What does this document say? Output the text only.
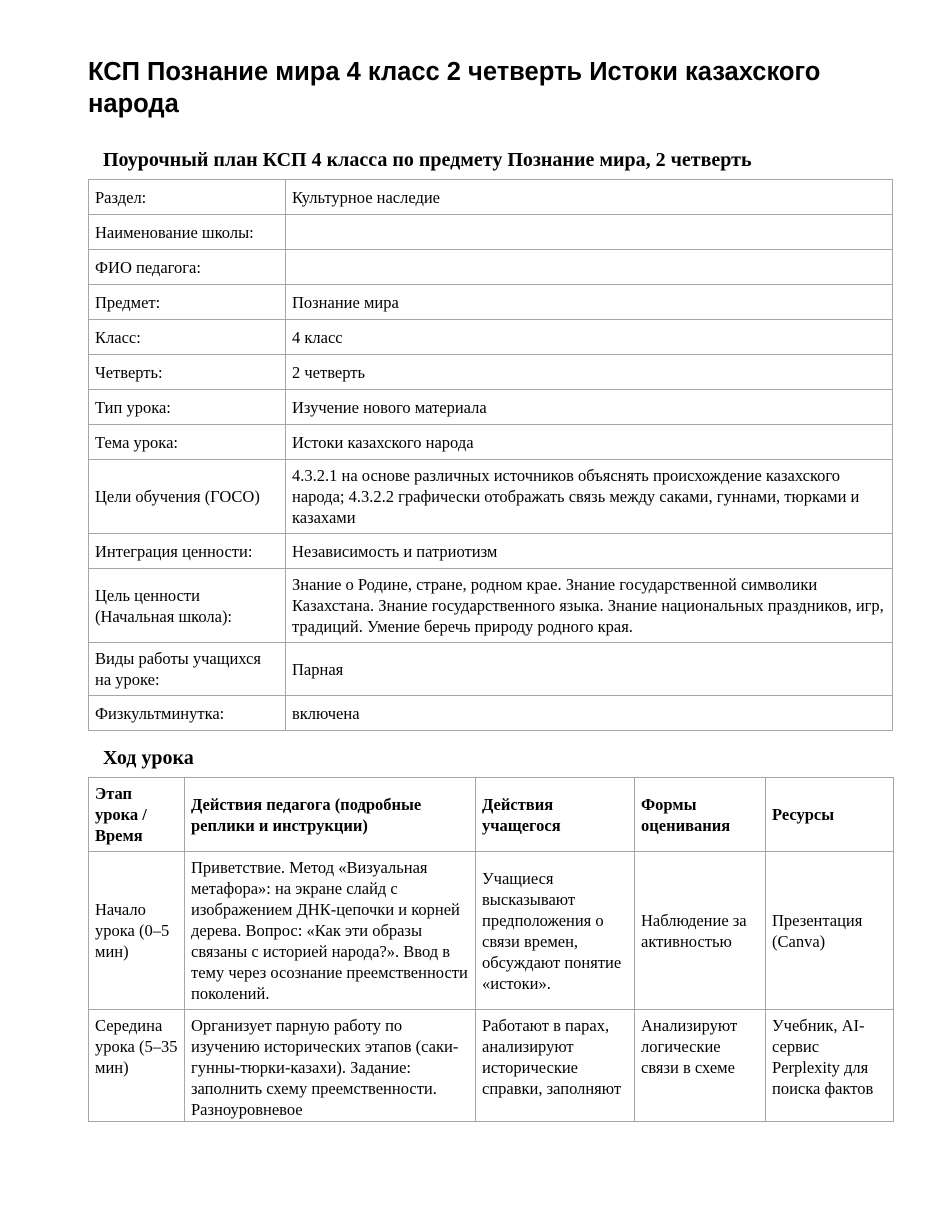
КСП Познание мира 4 класс 2 четверть Истоки казахского народа
Поурочный план КСП 4 класса по предмету Познание мира, 2 четверть
Раздел:	Культурное наследие
Наименование школы:	
ФИО педагога:	
Предмет:	Познание мира
Класс:	4 класс
Четверть:	2 четверть
Тип урока:	Изучение нового материала
Тема урока:	Истоки казахского народа
Цели обучения (ГОСО)	4.3.2.1 на основе различных источников объяснять происхождение казахского народа; 4.3.2.2 графически отображать связь между саками, гуннами, тюрками и казахами
Интеграция ценности:	Независимость и патриотизм
Цель ценности (Начальная школа):	Знание о Родине, стране, родном крае. Знание государственной символики Казахстана. Знание государственного языка. Знание национальных праздников, игр, традиций. Умение беречь природу родного края.
Виды работы учащихся на уроке:	Парная
Физкультминутка:	включена
Ход урока
Этап урока / Время	Действия педагога (подробные реплики и инструкции)	Действия учащегося	Формы оценивания	Ресурсы
Начало урока (0–5 мин)	Приветствие. Метод «Визуальная метафора»: на экране слайд с изображением ДНК-цепочки и корней дерева. Вопрос: «Как эти образы связаны с историей народа?». Ввод в тему через осознание преемственности поколений.	Учащиеся высказывают предположения о связи времен, обсуждают понятие «истоки».	Наблюдение за активностью	Презентация (Canva)
Середина урока (5–35 мин)	Организует парную работу по изучению исторических этапов (саки-гунны-тюрки-казахи). Задание: заполнить схему преемственности. Разноуровневое	Работают в парах, анализируют исторические справки, заполняют	Анализируют логические связи в схеме	Учебник, AI-сервис Perplexity для поиска фактов
